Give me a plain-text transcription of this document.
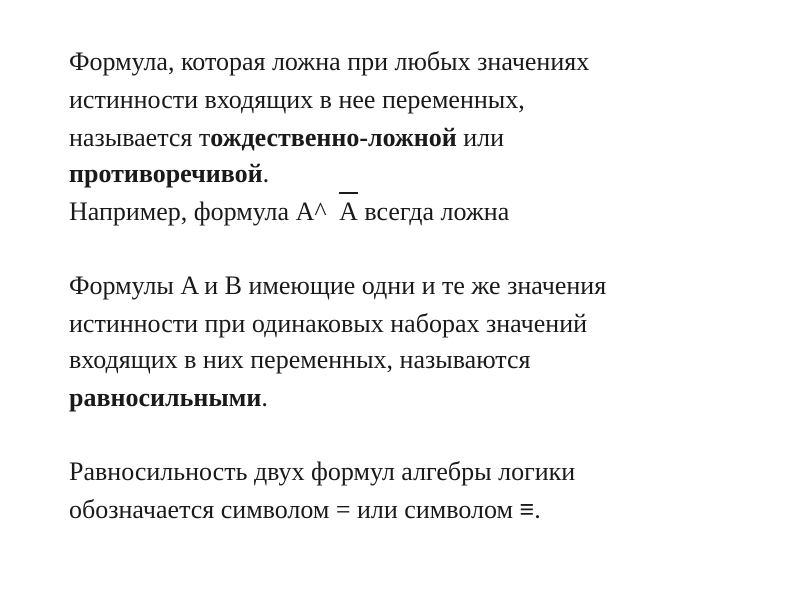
Формула, которая ложна при любых значениях
истинности входящих в нее переменных,
называется тождественно-ложной или
противоречивой.
Например, формула A^
A всегда ложна
Формулы A и B имеющие одни и те же значения
истинности при одинаковых наборах значений
входящих в них переменных, называются
равносильными.
Равносильность двух формул алгебры логики
обозначается символом = или символом ≡.
